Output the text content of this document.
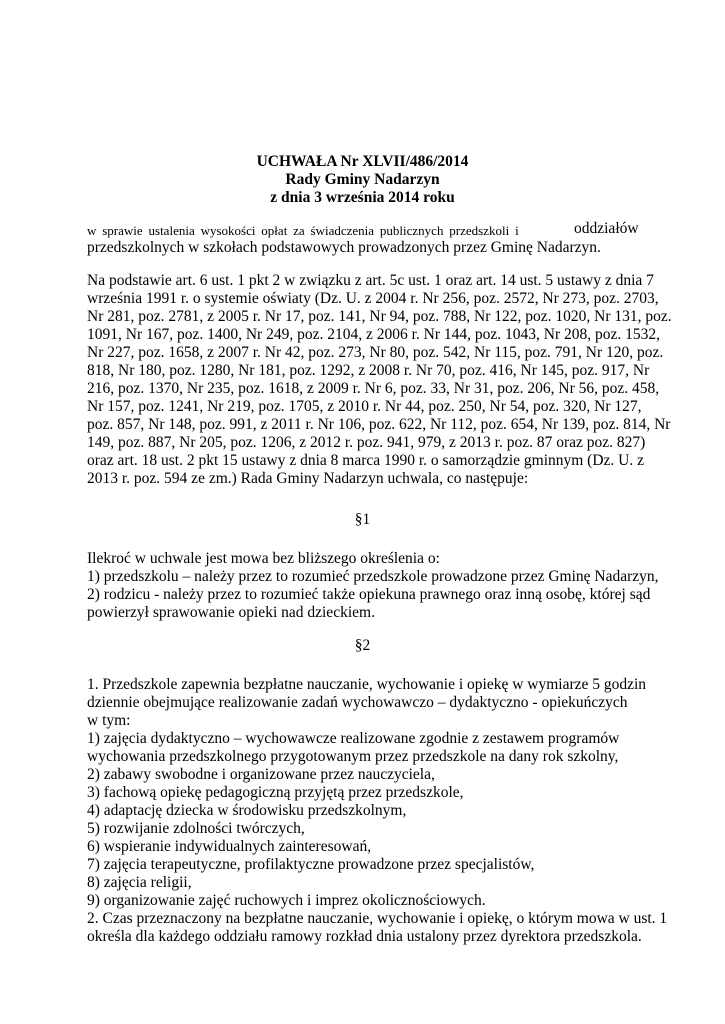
UCHWAŁA Nr XLVII/486/2014
Rady Gminy Nadarzyn
z dnia 3 września 2014 roku
w sprawie ustalenia wysokości opłat za świadczenia publicznych przedszkoli i	oddziałów
przedszkolnych w szkołach podstawowych prowadzonych przez Gminę Nadarzyn.
Na podstawie art. 6 ust. 1 pkt 2 w związku z art. 5c ust. 1 oraz art. 14 ust. 5 ustawy z dnia 7
września 1991 r. o systemie oświaty (Dz. U. z 2004 r. Nr 256, poz. 2572, Nr 273, poz. 2703,
Nr 281, poz. 2781, z 2005 r. Nr 17, poz. 141, Nr 94, poz. 788, Nr 122, poz. 1020, Nr 131, poz.
1091, Nr 167, poz. 1400, Nr 249, poz. 2104, z 2006 r. Nr 144, poz. 1043, Nr 208, poz. 1532,
Nr 227, poz. 1658, z 2007 r. Nr 42, poz. 273, Nr 80, poz. 542, Nr 115, poz. 791, Nr 120, poz.
818, Nr 180, poz. 1280, Nr 181, poz. 1292, z 2008 r. Nr 70, poz. 416, Nr 145, poz. 917, Nr
216, poz. 1370, Nr 235, poz. 1618, z 2009 r. Nr 6, poz. 33, Nr 31, poz. 206, Nr 56, poz. 458,
Nr 157, poz. 1241, Nr 219, poz. 1705, z 2010 r. Nr 44, poz. 250, Nr 54, poz. 320, Nr 127,
poz. 857, Nr 148, poz. 991, z 2011 r. Nr 106, poz. 622, Nr 112, poz. 654, Nr 139, poz. 814, Nr
149, poz. 887, Nr 205, poz. 1206, z 2012 r. poz. 941, 979, z 2013 r. poz. 87 oraz poz. 827)
oraz art. 18 ust. 2 pkt 15 ustawy z dnia 8 marca 1990 r. o samorządzie gminnym (Dz. U. z
2013 r. poz. 594 ze zm.) Rada Gminy Nadarzyn uchwala, co następuje:
§1
Ilekroć w uchwale jest mowa bez bliższego określenia o:
1) przedszkolu – należy przez to rozumieć przedszkole prowadzone przez Gminę Nadarzyn,
2) rodzicu - należy przez to rozumieć także opiekuna prawnego oraz inną osobę, której sąd
powierzył sprawowanie opieki nad dzieckiem.
§2
1. Przedszkole zapewnia bezpłatne nauczanie, wychowanie i opiekę w wymiarze 5 godzin
dziennie obejmujące realizowanie zadań wychowawczo – dydaktyczno - opiekuńczych
w tym:
1) zajęcia dydaktyczno – wychowawcze realizowane zgodnie z zestawem programów
wychowania przedszkolnego przygotowanym przez przedszkole na dany rok szkolny,
2) zabawy swobodne i organizowane przez nauczyciela,
3) fachową opiekę pedagogiczną przyjętą przez przedszkole,
4) adaptację dziecka w środowisku przedszkolnym,
5) rozwijanie zdolności twórczych,
6) wspieranie indywidualnych zainteresowań,
7) zajęcia terapeutyczne, profilaktyczne prowadzone przez specjalistów,
8) zajęcia religii,
9) organizowanie zajęć ruchowych i imprez okolicznościowych.
2. Czas przeznaczony na bezpłatne nauczanie, wychowanie i opiekę, o którym mowa w ust. 1
określa dla każdego oddziału ramowy rozkład dnia ustalony przez dyrektora przedszkola.
